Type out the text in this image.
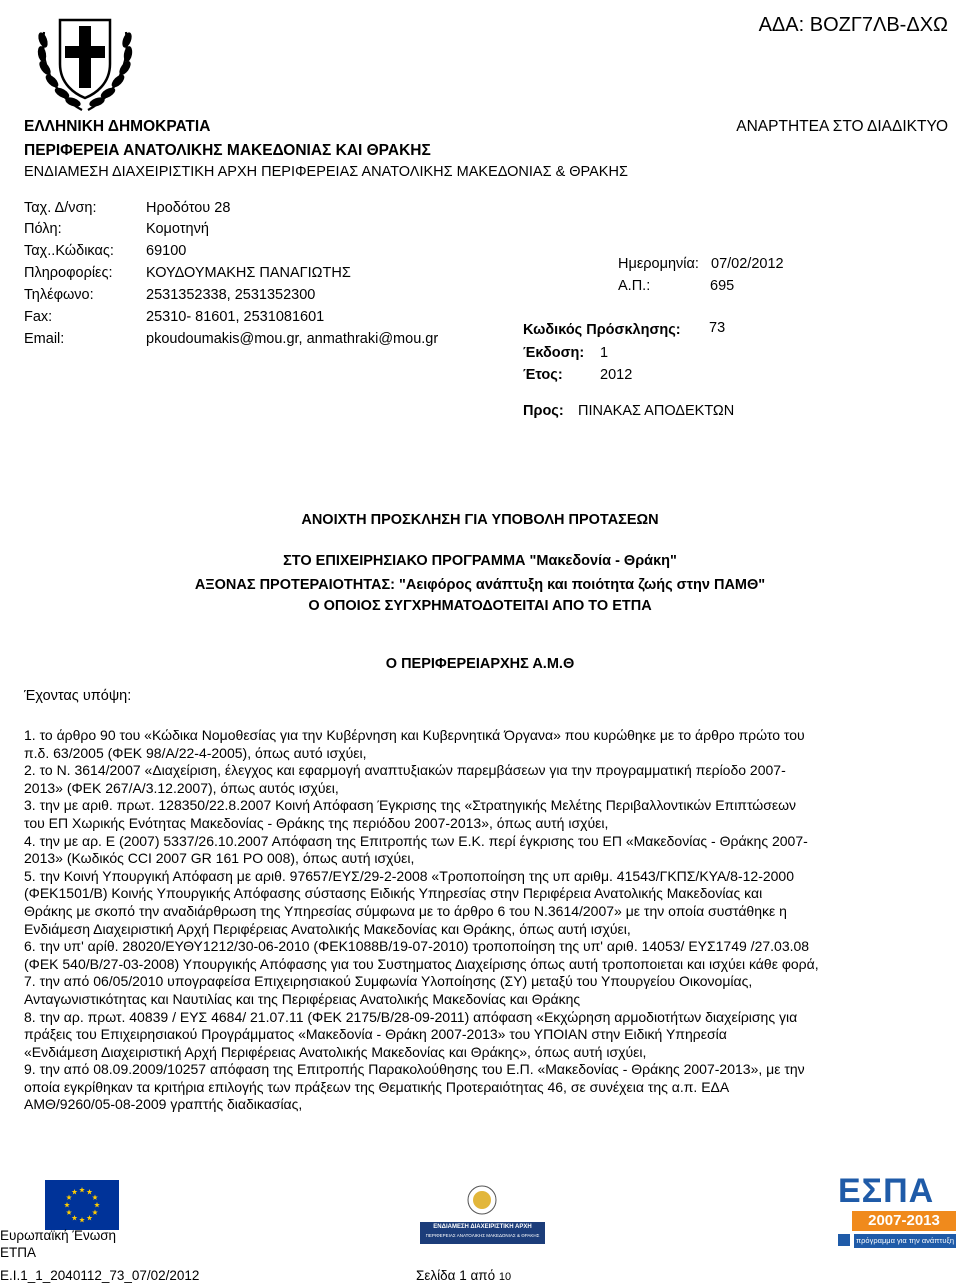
ΑΔΑ: ΒΟΖΓ7ΛΒ-ΔΧΩ
ΕΛΛΗΝΙΚΗ ΔΗΜΟΚΡΑΤΙΑ
ΠΕΡΙΦΕΡΕΙΑ ΑΝΑΤΟΛΙΚΗΣ ΜΑΚΕΔΟΝΙΑΣ ΚΑΙ ΘΡΑΚΗΣ
ΕΝΔΙΑΜΕΣΗ ΔΙΑΧΕΙΡΙΣΤΙΚΗ ΑΡΧΗ ΠΕΡΙΦΕΡΕΙΑΣ ΑΝΑΤΟΛΙΚΗΣ ΜΑΚΕΔΟΝΙΑΣ & ΘΡΑΚΗΣ
ΑΝΑΡΤΗΤΕΑ ΣΤΟ ΔΙΑΔΙΚΤΥΟ
Ταχ. Δ/νση:	Ηροδότου 28
Πόλη:	Κομοτηνή
Ταχ..Κώδικας: 69100
Πληροφορίες: ΚΟΥΔΟΥΜΑΚΗΣ ΠΑΝΑΓΙΩΤΗΣ
Τηλέφωνο:	2531352338, 2531352300
Fax:	25310- 81601, 2531081601
Email:	pkoudoumakis@mou.gr, anmathraki@mou.gr
Ημερομηνία: 07/02/2012
Α.Π.:	695
Κωδικός Πρόσκλησης: 73
Έκδοση: 1
Έτος:	2012
Προς: ΠΙΝΑΚΑΣ ΑΠΟΔΕΚΤΩΝ
ΑΝΟΙΧΤΗ ΠΡΟΣΚΛΗΣΗ ΓΙΑ ΥΠΟΒΟΛΗ ΠΡΟΤΑΣΕΩΝ
ΣΤΟ ΕΠΙΧΕΙΡΗΣΙΑΚΟ ΠΡΟΓΡΑΜΜΑ "Μακεδονία - Θράκη"
ΑΞΟΝΑΣ ΠΡΟΤΕΡΑΙΟΤΗΤΑΣ: "Αειφόρος ανάπτυξη και ποιότητα ζωής στην ΠΑΜΘ"
Ο ΟΠΟΙΟΣ ΣΥΓΧΡΗΜΑΤΟΔΟΤΕΙΤΑΙ ΑΠΟ ΤΟ ΕΤΠΑ
Ο ΠΕΡΙΦΕΡΕΙΑΡΧΗΣ Α.Μ.Θ
Έχοντας υπόψη:
1. το άρθρο 90 του «Κώδικα Νομοθεσίας για την Κυβέρνηση και Κυβερνητικά Όργανα» που κυρώθηκε με το άρθρο πρώτο του
π.δ. 63/2005 (ΦΕΚ 98/Α/22-4-2005), όπως αυτό ισχύει,
2. το Ν. 3614/2007 «Διαχείριση, έλεγχος και εφαρμογή αναπτυξιακών παρεμβάσεων για την προγραμματική περίοδο 2007-
2013» (ΦΕΚ 267/Α/3.12.2007), όπως αυτός ισχύει,
3. την με αριθ. πρωτ. 128350/22.8.2007 Κοινή Απόφαση Έγκρισης της «Στρατηγικής Μελέτης Περιβαλλοντικών Επιπτώσεων
του ΕΠ Χωρικής Ενότητας Μακεδονίας - Θράκης της περιόδου 2007-2013», όπως αυτή ισχύει,
4. την με αρ. Ε (2007) 5337/26.10.2007 Απόφαση της Επιτροπής των Ε.Κ. περί έγκρισης του ΕΠ «Μακεδονίας - Θράκης 2007-
2013» (Κωδικός CCI 2007 GR 161 PO 008), όπως αυτή ισχύει,
5. την Κοινή Υπουργική Απόφαση με αριθ. 97657/ΕΥΣ/29-2-2008 «Τροποποίηση της υπ αριθμ. 41543/ΓΚΠΣ/ΚΥΑ/8-12-2000
(ΦΕΚ1501/Β) Κοινής Υπουργικής Απόφασης σύστασης Ειδικής Υπηρεσίας στην Περιφέρεια Ανατολικής Μακεδονίας και
Θράκης με σκοπό την αναδιάρθρωση της Υπηρεσίας σύμφωνα με το άρθρο 6 του Ν.3614/2007» με την οποία συστάθηκε η
Ενδιάμεση Διαχειριστική Αρχή Περιφέρειας Ανατολικής Μακεδονίας και Θράκης, όπως αυτή ισχύει,
6. την υπ' αρίθ. 28020/ΕΥΘΥ1212/30-06-2010 (ΦΕΚ1088Β/19-07-2010) τροποποίηση της υπ' αριθ. 14053/ ΕΥΣ1749 /27.03.08
(ΦΕΚ 540/Β/27-03-2008) Υπουργικής Απόφασης για του Συστηματος Διαχείρισης όπως αυτή τροποποιεται και ισχύει κάθε φορά,
7. την από 06/05/2010 υπογραφείσα Επιχειρησιακού Συμφωνία Υλοποίησης (ΣΥ) μεταξύ του Υπουργείου Οικονομίας,
Ανταγωνιστικότητας και Ναυτιλίας και της Περιφέρειας Ανατολικής Μακεδονίας και Θράκης
8. την αρ. πρωτ. 40839 / ΕΥΣ 4684/ 21.07.11 (ΦΕΚ 2175/Β/28-09-2011) απόφαση «Εκχώρηση αρμοδιοτήτων διαχείρισης για
πράξεις του Επιχειρησιακού Προγράμματος «Μακεδονία - Θράκη 2007-2013» του ΥΠΟΙΑΝ στην Ειδική Υπηρεσία
«Ενδιάμεση Διαχειριστική Αρχή Περιφέρειας Ανατολικής Μακεδονίας και Θράκης», όπως αυτή ισχύει,
9. την από 08.09.2009/10257 απόφαση της Επιτροπής Παρακολούθησης του Ε.Π. «Μακεδονίας - Θράκης 2007-2013», με την
οποία εγκρίθηκαν τα κριτήρια επιλογής των πράξεων της Θεματικής Προτεραιότητας 46, σε συνέχεια της α.π. ΕΔΑ
ΑΜΘ/9260/05-08-2009 γραπτής διαδικασίας,
Ευρωπαϊκή Ένωση
ΕΤΠΑ
Ε.Ι.1_1_2040112_73_07/02/2012
ΕΝΔΙΑΜΕΣΗ ΔΙΑΧΕΙΡΙΣΤΙΚΗ ΑΡΧΗ
ΠΕΡΙΦΕΡΕΙΑΣ ΑΝΑΤΟΛΙΚΗΣ ΜΑΚΕΔΟΝΙΑΣ & ΘΡΑΚΗΣ
Σελίδα 1 από 10
ΕΣΠΑ
2007-2013
πρόγραμμα για την ανάπτυξη
